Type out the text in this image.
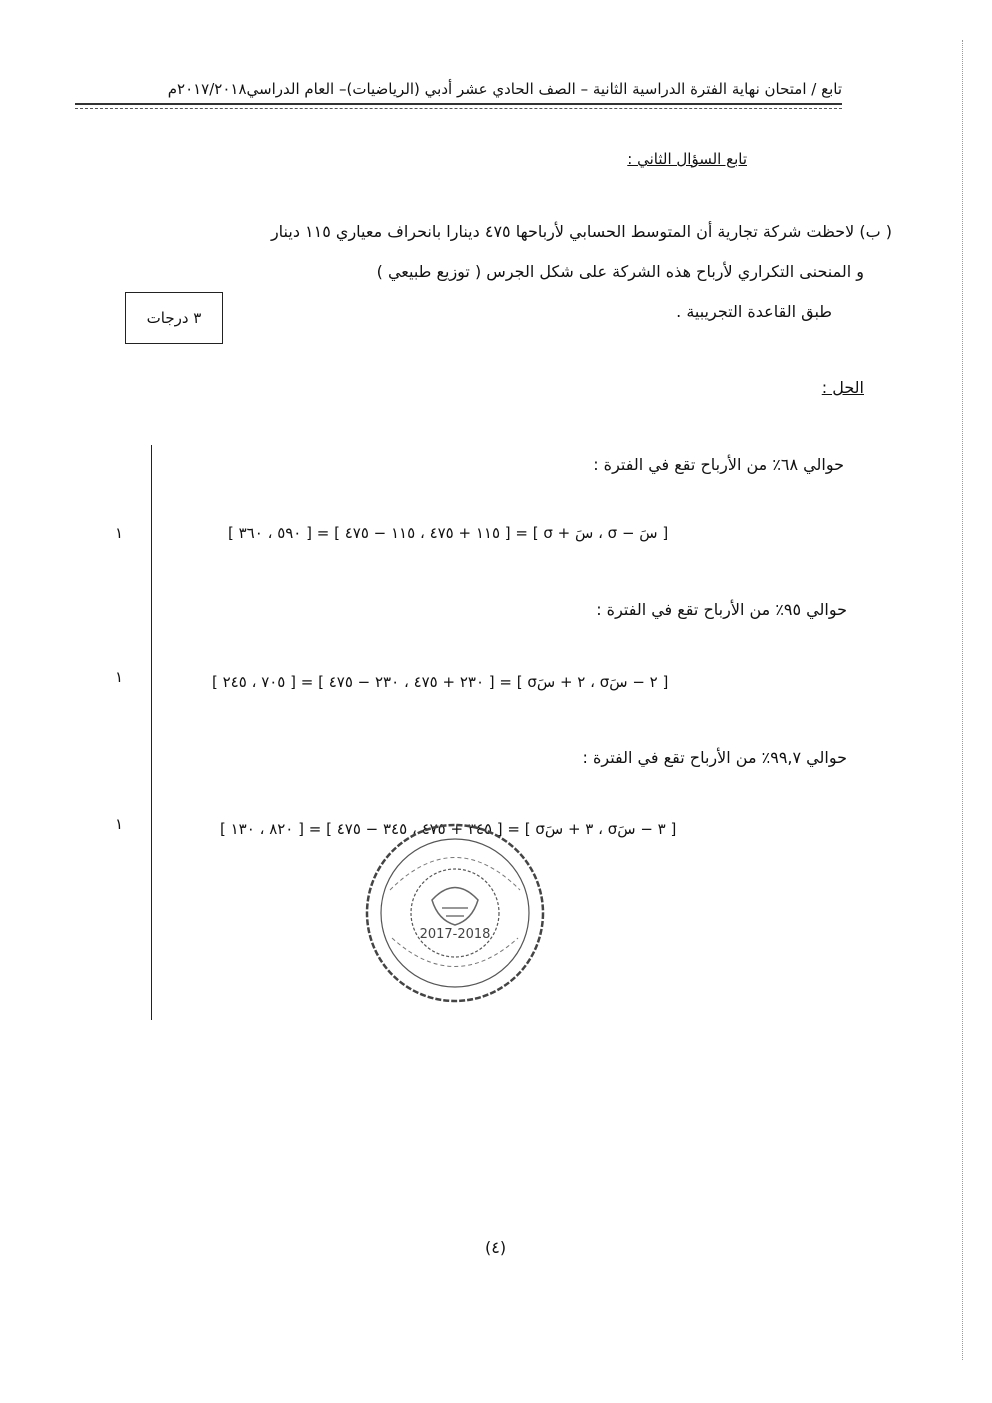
تابع / امتحان نهاية الفترة الدراسية الثانية – الصف الحادي عشر أدبي (الرياضيات)– العام الدراسي٢٠١٧/٢٠١٨م
تابع السؤال الثاني :
( ب) لاحظت شركة تجارية أن المتوسط الحسابي لأرباحها ٤٧٥ دينارا بانحراف معياري ١١٥ دينار
و المنحنى التكراري لأرباح هذه الشركة على شكل الجرس ( توزيع طبيعي )
طبق القاعدة التجريبية .
٣ درجات
الحل :
حوالي ٦٨٪ من الأرباح تقع في الفترة :
[ ٥٩٠ ، ٣٦٠ ] = [ ١١٥ + ٤٧٥ ، ١١٥ − ٤٧٥ ] = [ σ + سَ ، σ − سَ ]
١
حوالي ٩٥٪ من الأرباح تقع في الفترة :
[ ٧٠٥ ، ٢٤٥ ] = [ ٢٣٠ + ٤٧٥ ، ٢٣٠ − ٤٧٥ ] = [ σ٢ + سَ ، σ٢ − سَ ]
١
حوالي ٩٩,٧٪ من الأرباح تقع في الفترة :
[ ٨٢٠ ، ١٣٠ ] = [ ٣٤٥ + ٤٧٥ ، ٣٤٥ − ٤٧٥ ] = [ σ٣ + سَ ، σ٣ − سَ ]
١
2017-2018
(٤)
